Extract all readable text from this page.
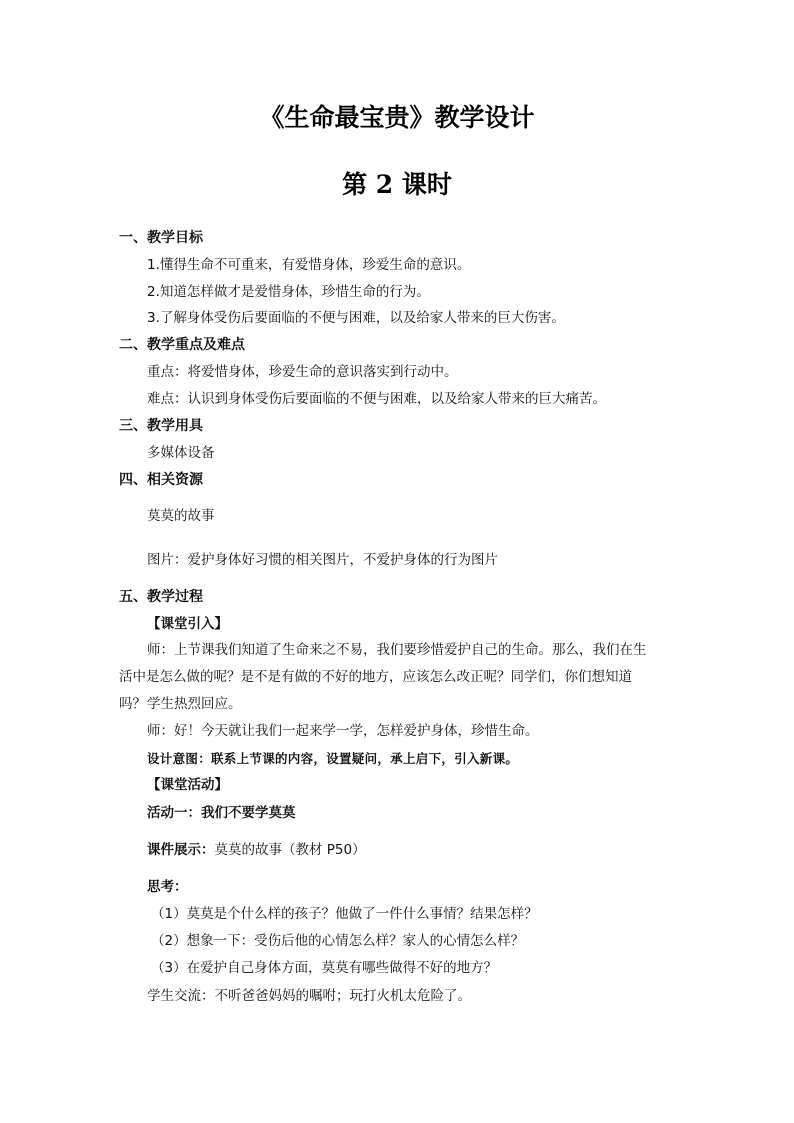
《生命最宝贵》教学设计
第 2 课时
一、教学目标
1.懂得生命不可重来，有爱惜身体，珍爱生命的意识。
2.知道怎样做才是爱惜身体，珍惜生命的行为。
3.了解身体受伤后要面临的不便与困难，以及给家人带来的巨大伤害。
二、教学重点及难点
重点：将爱惜身体，珍爱生命的意识落实到行动中。
难点：认识到身体受伤后要面临的不便与困难，以及给家人带来的巨大痛苦。
三、教学用具
多媒体设备
四、相关资源
莫莫的故事
图片：爱护身体好习惯的相关图片，不爱护身体的行为图片
五、教学过程
【课堂引入】
师：上节课我们知道了生命来之不易，我们要珍惜爱护自己的生命。那么，我们在生活中是怎么做的呢？是不是有做的不好的地方，应该怎么改正呢？同学们，你们想知道吗？ 学生热烈回应。
师：好！今天就让我们一起来学一学，怎样爱护身体，珍惜生命。
设计意图：联系上节课的内容，设置疑问，承上启下，引入新课。
【课堂活动】
活动一：我们不要学莫莫
课件展示：莫莫的故事（教材 P50）
思考：
（1）莫莫是个什么样的孩子？他做了一件什么事情？结果怎样？
（2）想象一下：受伤后他的心情怎么样？家人的心情怎么样？
（3）在爱护自己身体方面，莫莫有哪些做得不好的地方？
学生交流：不听爸爸妈妈的嘱咐；玩打火机太危险了。
